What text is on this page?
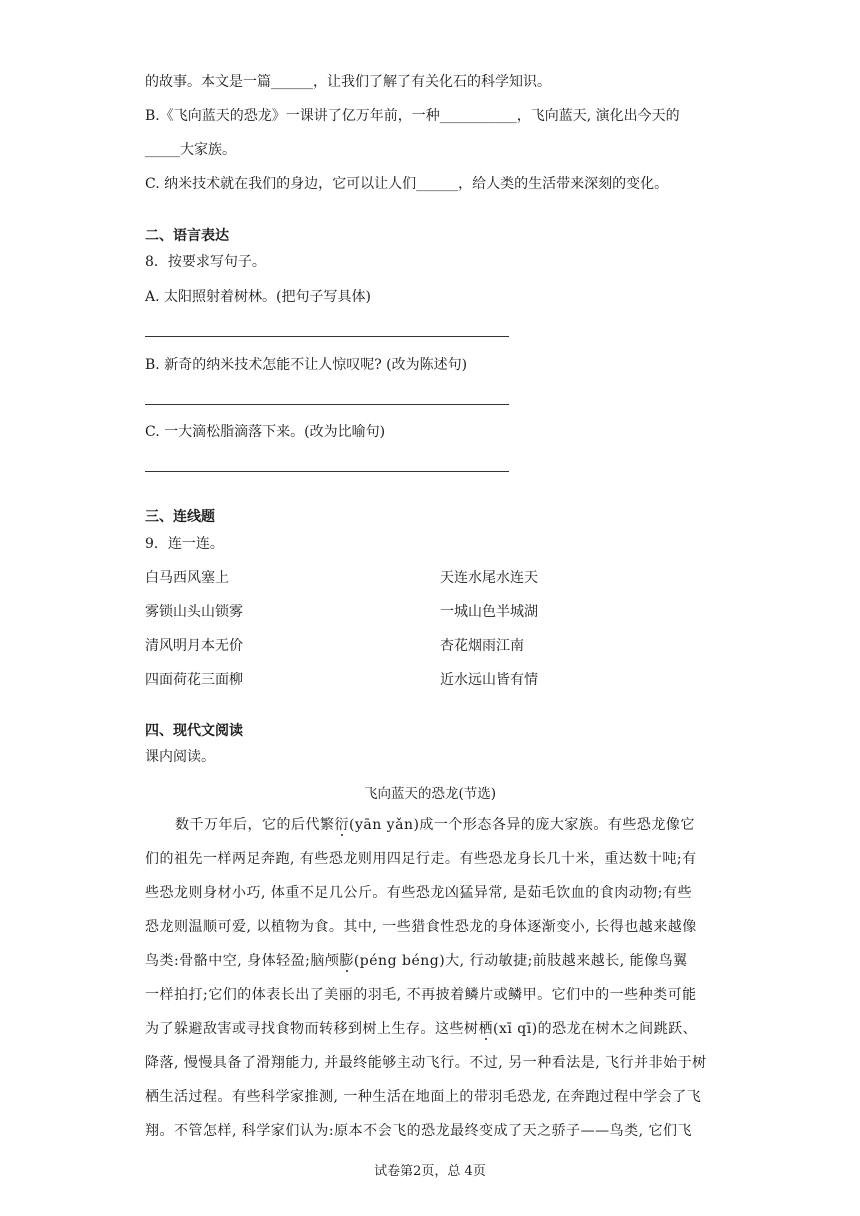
的故事。本文是一篇______，让我们了解了有关化石的科学知识。
B.《飞向蓝天的恐龙》一课讲了亿万年前，一种___________，飞向蓝天, 演化出今天的
_____大家族。
C. 纳米技术就在我们的身边，它可以让人们______，给人类的生活带来深刻的变化。
二、语言表达
8．按要求写句子。
A. 太阳照射着树林。(把句子写具体)
B. 新奇的纳米技术怎能不让人惊叹呢? (改为陈述句)
C. 一大滴松脂滴落下来。(改为比喻句)
三、连线题
9．连一连。
白马西风塞上	天连水尾水连天
雾锁山头山锁雾	一城山色半城湖
清风明月本无价	杏花烟雨江南
四面荷花三面柳	近水远山皆有情
四、现代文阅读
课内阅读。
飞向蓝天的恐龙(节选)
数千万年后，它的后代繁衍(yān yǎn)成一个形态各异的庞大家族。有些恐龙像它
们的祖先一样两足奔跑, 有些恐龙则用四足行走。有些恐龙身长几十米，重达数十吨;有
些恐龙则身材小巧, 体重不足几公斤。有些恐龙凶猛异常, 是茹毛饮血的食肉动物;有些
恐龙则温顺可爱, 以植物为食。其中, 一些猎食性恐龙的身体逐渐变小, 长得也越来越像
鸟类:骨骼中空, 身体轻盈;脑颅膨(péng béng)大, 行动敏捷;前肢越来越长, 能像鸟翼
一样拍打;它们的体表长出了美丽的羽毛, 不再披着鳞片或鳞甲。它们中的一些种类可能
为了躲避敌害或寻找食物而转移到树上生存。这些树栖(xī qī)的恐龙在树木之间跳跃、
降落, 慢慢具备了滑翔能力, 并最终能够主动飞行。不过, 另一种看法是, 飞行并非始于树
栖生活过程。有些科学家推测, 一种生活在地面上的带羽毛恐龙, 在奔跑过程中学会了飞
翔。不管怎样, 科学家们认为:原本不会飞的恐龙最终变成了天之骄子——鸟类, 它们飞
试卷第2页，总 4页
